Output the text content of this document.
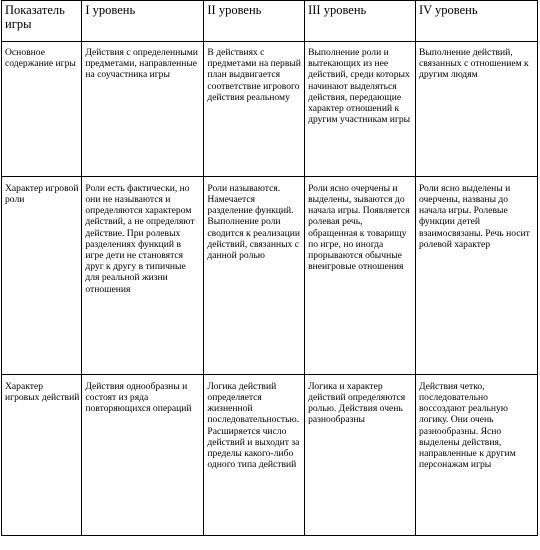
Показатель игры	I уровень	II уровень	III уровень	IV уровень
Основное содержание игры	Действия с определенными предметами, направленные на соучастника игры	В действиях с предметами на первый план выдвигается соответствие игрового действия реальному	Выполнение роли и вытекающих из нее действий, среди которых начинают выделяться действия, передающие характер отношений к другим участникам игры	Выполнение действий, связанных с отношением к другим людям
Характер игровой роли	Роли есть фактически, но они не называются и определяются характером действий, а не определяют действие. При ролевых разделениях функций в игре дети не становятся друг к другу в типичные для реальной жизни отношения	Роли называются. Намечается разделение функций. Выполнение роли сводится к реализации действий, связанных с данной ролью	Роли ясно очерчены и выделены, зываются до начала игры. Появляется ролевая речь, обращенная к товарищу по игре, но иногда прорываются обычные внеигровые отношения	Роли ясно выделены и очерчены, названы до начала игры. Ролевые функции детей взаимосвязаны. Речь носит ролевой характер
Характер игровых действий	Действия однообразны и состоят из ряда повторяющихся операций	Логика действий определяется жизненной последовательностью. Расширяется число действий и выходит за пределы какого-либо одного типа действий	Логика и характер действий определяются ролью. Действия очень разнообразны	Действия четко, последовательно воссоздают реальную логику. Они очень разнообразны. Ясно выделены действия, направленные к другим персонажам игры
